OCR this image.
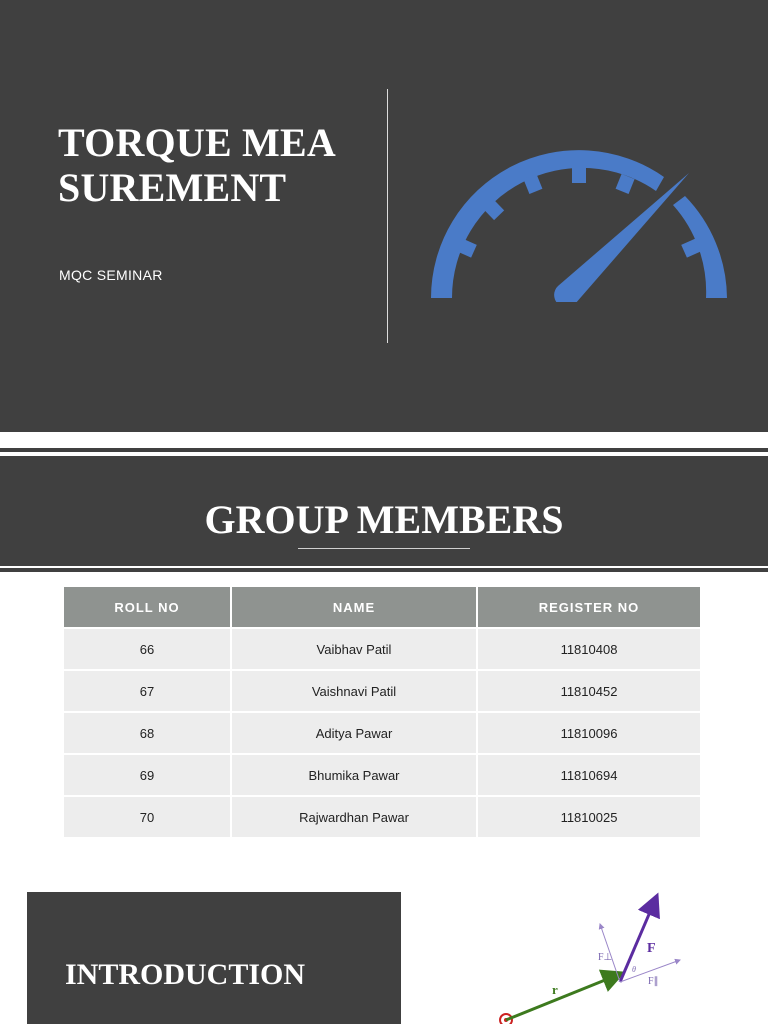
TORQUE MEASUREMENT
MQC SEMINAR
GROUP MEMBERS
ROLL NO	NAME	REGISTER NO
66	Vaibhav Patil	11810408
67	Vaishnavi Patil	11810452
68	Aditya Pawar	11810096
69	Bhumika Pawar	11810694
70	Rajwardhan Pawar	11810025
INTRODUCTION	r
F
F⊥
F∥
θ
